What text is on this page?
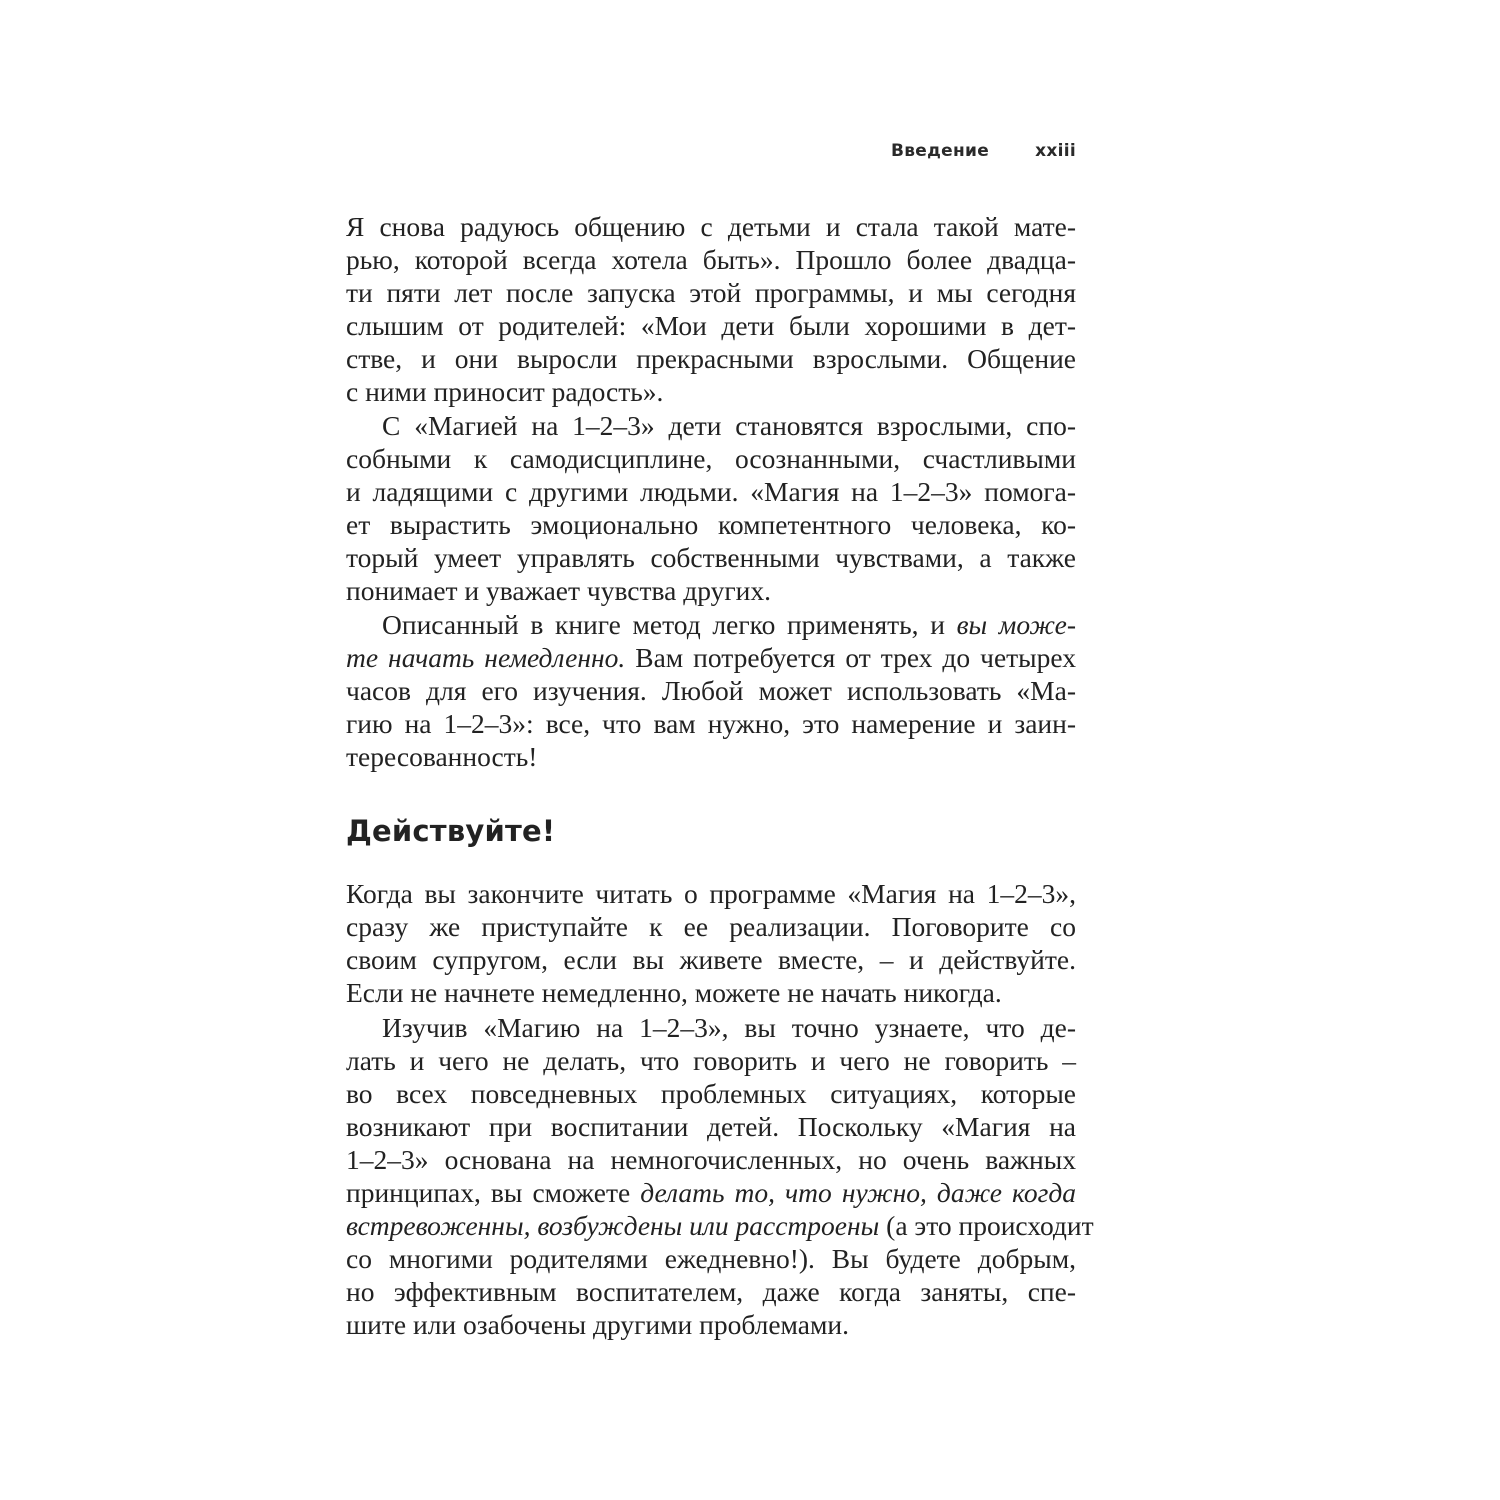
Введение	xxiii
Я снова радуюсь общению с детьми и стала такой мате-
рью, которой всегда хотела быть». Прошло более двадца-
ти пяти лет после запуска этой программы, и мы сегодня
слышим от родителей: «Мои дети были хорошими в дет-
стве, и они выросли прекрасными взрослыми. Общение
с ними приносит радость».
С «Магией на 1–2–3» дети становятся взрослыми, спо-
собными к самодисциплине, осознанными, счастливыми
и ладящими с другими людьми. «Магия на 1–2–3» помога-
ет вырастить эмоционально компетентного человека, ко-
торый умеет управлять собственными чувствами, а также
понимает и уважает чувства других.
Описанный в книге метод легко применять, и вы може-
те начать немедленно. Вам потребуется от трех до четырех
часов для его изучения. Любой может использовать «Ма-
гию на 1–2–3»: все, что вам нужно, это намерение и заин-
тересованность!
Действуйте!
Когда вы закончите читать о программе «Магия на 1–2–3»,
сразу же приступайте к ее реализации. Поговорите со
своим супругом, если вы живете вместе, – и действуйте.
Если не начнете немедленно, можете не начать никогда.
Изучив «Магию на 1–2–3», вы точно узнаете, что де-
лать и чего не делать, что говорить и чего не говорить –
во всех повседневных проблемных ситуациях, которые
возникают при воспитании детей. Поскольку «Магия на
1–2–3» основана на немногочисленных, но очень важных
принципах, вы сможете делать то, что нужно, даже когда
встревоженны, возбуждены или расстроены (а это происходит
со многими родителями ежедневно!). Вы будете добрым,
но эффективным воспитателем, даже когда заняты, спе-
шите или озабочены другими проблемами.
